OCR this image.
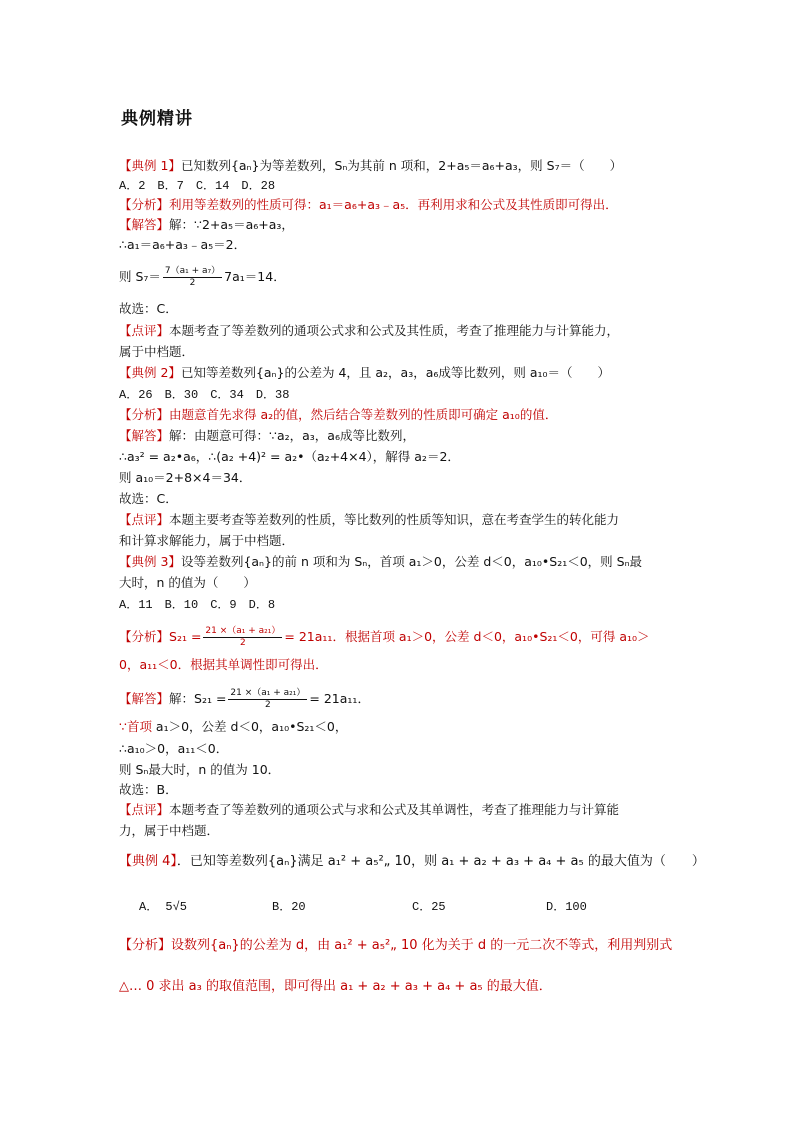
典例精讲
【典例 1】已知数列{aₙ}为等差数列，Sₙ为其前 n 项和，2+a₅＝a₆+a₃，则 S₇＝（　　）
A．2 B．7 C．14 D．28
【分析】利用等差数列的性质可得：a₁＝a₆+a₃﹣a₅．再利用求和公式及其性质即可得出．
【解答】解：∵2+a₅＝a₆+a₃，
∴a₁＝a₆+a₃﹣a₅＝2．
则 $S_7= \frac{\text{7（a₁ + a₇）}}{2} 7a_1=14$．
故选：C．
【点评】本题考查了等差数列的通项公式求和公式及其性质，考查了推理能力与计算能力，
属于中档题．
【典例 2】已知等差数列{aₙ}的公差为 4，且 a₂，a₃，a₆成等比数列，则 a₁₀＝（　　）
A．26 B．30 C．34 D．38
【分析】由题意首先求得 a₂的值，然后结合等差数列的性质即可确定 a₁₀的值．
【解答】解：由题意可得：∵a₂，a₃，a₆成等比数列，
∴a₃² = a₂•a₆，∴(a₂ +4)² = a₂•（a₂+4×4），解得 a₂＝2．
则 a₁₀＝2+8×4＝34．
故选：C．
【点评】本题主要考查等差数列的性质，等比数列的性质等知识，意在考查学生的转化能力
和计算求解能力，属于中档题．
【典例 3】设等差数列{aₙ}的前 n 项和为 Sₙ，首项 a₁＞0，公差 d＜0，a₁₀•S₂₁＜0，则 Sₙ最
大时，n 的值为（　　）
A．11 B．10 C．9 D．8
【分析】$S_{21} = \frac{\text{21 ×（a₁ + a₂₁）}}{2} = 21a_{11}$．根据首项 a₁＞0，公差 d＜0，a₁₀•S₂₁＜0，可得 a₁₀＞
0，a₁₁＜0．根据其单调性即可得出．
【解答】解：$S_{21} = \frac{\text{21 ×（a₁ + a₂₁）}}{2} = 21a_{11}$．
∵首项 a₁＞0，公差 d＜0，a₁₀•S₂₁＜0，
∴a₁₀＞0，a₁₁＜0．
则 Sₙ最大时，n 的值为 10．
故选：B．
【点评】本题考查了等差数列的通项公式与求和公式及其单调性，考查了推理能力与计算能
力，属于中档题．
【典例 4】．已知等差数列{aₙ}满足 a₁² + a₅²„ 10，则 a₁ + a₂ + a₃ + a₄ + a₅ 的最大值为（　　）
A． 5√5	B．20	C．25	D．100
【分析】设数列{aₙ}的公差为 d，由 a₁² + a₅²„ 10 化为关于 d 的一元二次不等式，利用判别式
△… 0 求出 a₃ 的取值范围，即可得出 a₁ + a₂ + a₃ + a₄ + a₅ 的最大值．
